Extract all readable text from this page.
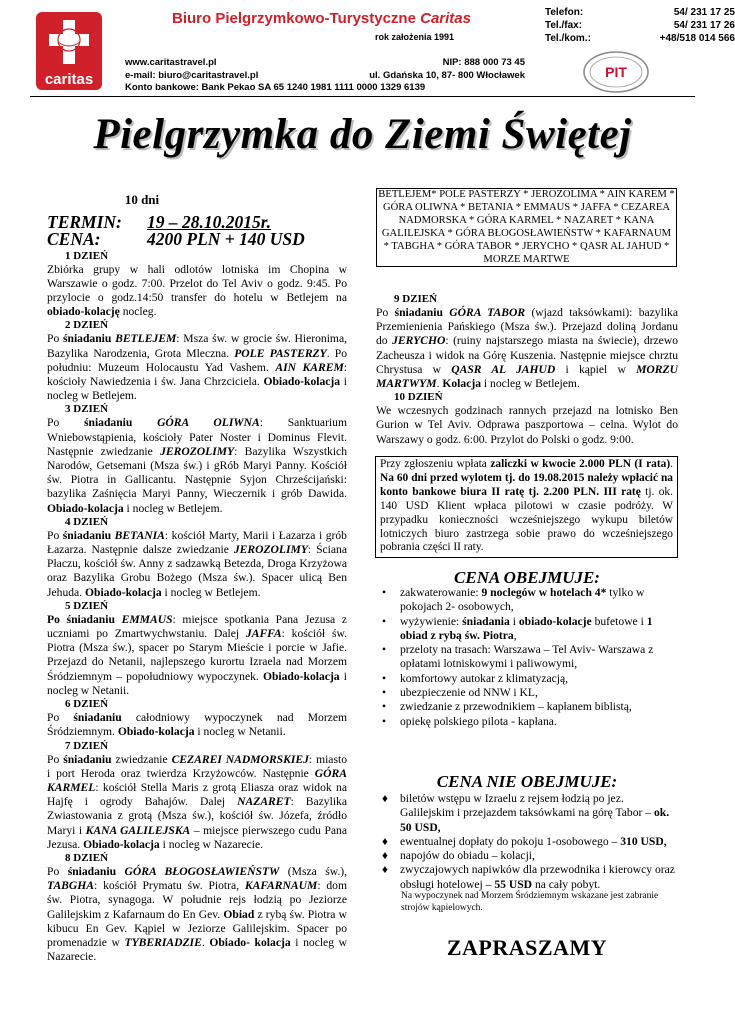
caritas
Biuro Pielgrzymkowo-Turystyczne Caritas
rok założenia 1991
Telefon:	54/ 231 17 25
Tel./fax:	54/ 231 17 26
Tel./kom.:	+48/518 014 566
www.caritastravel.pl
e-mail: biuro@caritastravel.pl
NIP: 888 000 73 45
ul. Gdańska 10, 87- 800 Włocławek
Konto bankowe: Bank Pekao SA 65 1240 1981 1111 0000 1329 6139
PIT
Pielgrzymka do Ziemi Świętej
10 dni
TERMIN:	19 – 28.10.2015r.
CENA:	4200 PLN + 140 USD
1 DZIEŃ
Zbiórka grupy w hali odlotów lotniska im Chopina w Warszawie o godz. 7:00. Przelot do Tel Aviv o godz. 9:45. Po przylocie o godz.14:50 transfer do hotelu w Betlejem na obiado-kolację nocleg.
2 DZIEŃ
Po śniadaniu BETLEJEM: Msza św. w grocie św. Hieronima, Bazylika Narodzenia, Grota Mleczna. POLE PASTERZY. Po południu: Muzeum Holocaustu Yad Vashem. AIN KAREM: kościoły Nawiedzenia i św. Jana Chrzciciela. Obiado-kolacja i nocleg w Betlejem.
3 DZIEŃ
Po śniadaniu GÓRA OLIWNA: Sanktuarium Wniebowstąpienia, kościoły Pater Noster i Dominus Flevit. Następnie zwiedzanie JEROZOLIMY: Bazylika Wszystkich Narodów, Getsemani (Msza św.) i gRób Maryi Panny. Kościół św. Piotra in Gallicantu. Następnie Syjon Chrześcijański: bazylika Zaśnięcia Maryi Panny, Wieczernik i grób Dawida. Obiado-kolacja i nocleg w Betlejem.
4 DZIEŃ
Po śniadaniu BETANIA: kościół Marty, Marii i Łazarza i grób Łazarza. Następnie dalsze zwiedzanie JEROZOLIMY: Ściana Płaczu, kościół św. Anny z sadzawką Betezda, Droga Krzyżowa oraz Bazylika Grobu Bożego (Msza św.). Spacer ulicą Ben Jehuda. Obiado-kolacja i nocleg w Betlejem.
5 DZIEŃ
Po śniadaniu EMMAUS: miejsce spotkania Pana Jezusa z uczniami po Zmartwychwstaniu. Dalej JAFFA: kościół św. Piotra (Msza św.), spacer po Starym Mieście i porcie w Jafie. Przejazd do Netanii, najlepszego kurortu Izraela nad Morzem Śródziemnym – popołudniowy wypoczynek. Obiado-kolacja i nocleg w Netanii.
6 DZIEŃ
Po śniadaniu całodniowy wypoczynek nad Morzem Śródziemnym. Obiado-kolacja i nocleg w Netanii.
7 DZIEŃ
Po śniadaniu zwiedzanie CEZAREI NADMORSKIEJ: miasto i port Heroda oraz twierdza Krzyżowców. Następnie GÓRA KARMEL: kościół Stella Maris z grotą Eliasza oraz widok na Hajfę i ogrody Bahajów. Dalej NAZARET: Bazylika Zwiastowania z grotą (Msza św.), kościół św. Józefa, źródło Maryi i KANA GALILEJSKA – miejsce pierwszego cudu Pana Jezusa. Obiado-kolacja i nocleg w Nazarecie.
8 DZIEŃ
Po śniadaniu GÓRA BŁOGOSŁAWIEŃSTW (Msza św.), TABGHA: kościół Prymatu św. Piotra, KAFARNAUM: dom św. Piotra, synagoga. W południe rejs łodzią po Jeziorze Galilejskim z Kafarnaum do En Gev. Obiad z rybą św. Piotra w kibucu En Gev. Kąpiel w Jeziorze Galilejskim. Spacer po promenadzie w TYBERIADZIE. Obiado- kolacja i nocleg w Nazarecie.
BETLEJEM* POLE PASTERZY * JEROZOLIMA * AIN KAREM * GÓRA OLIWNA * BETANIA * EMMAUS * JAFFA * CEZAREA NADMORSKA * GÓRA KARMEL * NAZARET * KANA GALILEJSKA * GÓRA BŁOGOSŁAWIEŃSTW * KAFARNAUM * TABGHA * GÓRA TABOR * JERYCHO * QASR AL JAHUD * MORZE MARTWE
9 DZIEŃ
Po śniadaniu GÓRA TABOR (wjazd taksówkami): bazylika Przemienienia Pańskiego (Msza św.). Przejazd doliną Jordanu do JERYCHO: (ruiny najstarszego miasta na świecie), drzewo Zacheusza i widok na Górę Kuszenia. Następnie miejsce chrztu Chrystusa w QASR AL JAHUD i kąpiel w MORZU MARTWYM. Kolacja i nocleg w Betlejem.
10 DZIEŃ
We wczesnych godzinach rannych przejazd na lotnisko Ben Gurion w Tel Aviv. Odprawa paszportowa – celna. Wylot do Warszawy o godz. 6:00. Przylot do Polski o godz. 9:00.
Przy zgłoszeniu wpłata zaliczki w kwocie 2.000 PLN (I rata). Na 60 dni przed wylotem tj. do 19.08.2015 należy wpłacić na konto bankowe biura II ratę tj. 2.200 PLN. III ratę tj. ok. 140 USD Klient wpłaca pilotowi w czasie podróży. W przypadku konieczności wcześniejszego wykupu biletów lotniczych biuro zastrzega sobie prawo do wcześniejszego pobrania części II raty.
CENA OBEJMUJE:
• zakwaterowanie: 9 noclegów w hotelach 4* tylko w pokojach 2- osobowych,
• wyżywienie: śniadania i obiado-kolacje bufetowe i 1 obiad z rybą św. Piotra,
• przeloty na trasach: Warszawa – Tel Aviv- Warszawa z opłatami lotniskowymi i paliwowymi,
• komfortowy autokar z klimatyzacją,
• ubezpieczenie od NNW i KL,
• zwiedzanie z przewodnikiem – kapłanem biblistą,
• opiekę polskiego pilota - kapłana.
CENA NIE OBEJMUJE:
♦ biletów wstępu w Izraelu z rejsem łodzią po jez. Galilejskim i przejazdem taksówkami na górę Tabor – ok. 50 USD,
♦ ewentualnej dopłaty do pokoju 1-osobowego – 310 USD,
♦ napojów do obiadu – kolacji,
♦ zwyczajowych napiwków dla przewodnika i kierowcy oraz obsługi hotelowej – 55 USD na cały pobyt.
Na wypoczynek nad Morzem Śródziemnym wskazane jest zabranie strojów kąpielowych.
ZAPRASZAMY
